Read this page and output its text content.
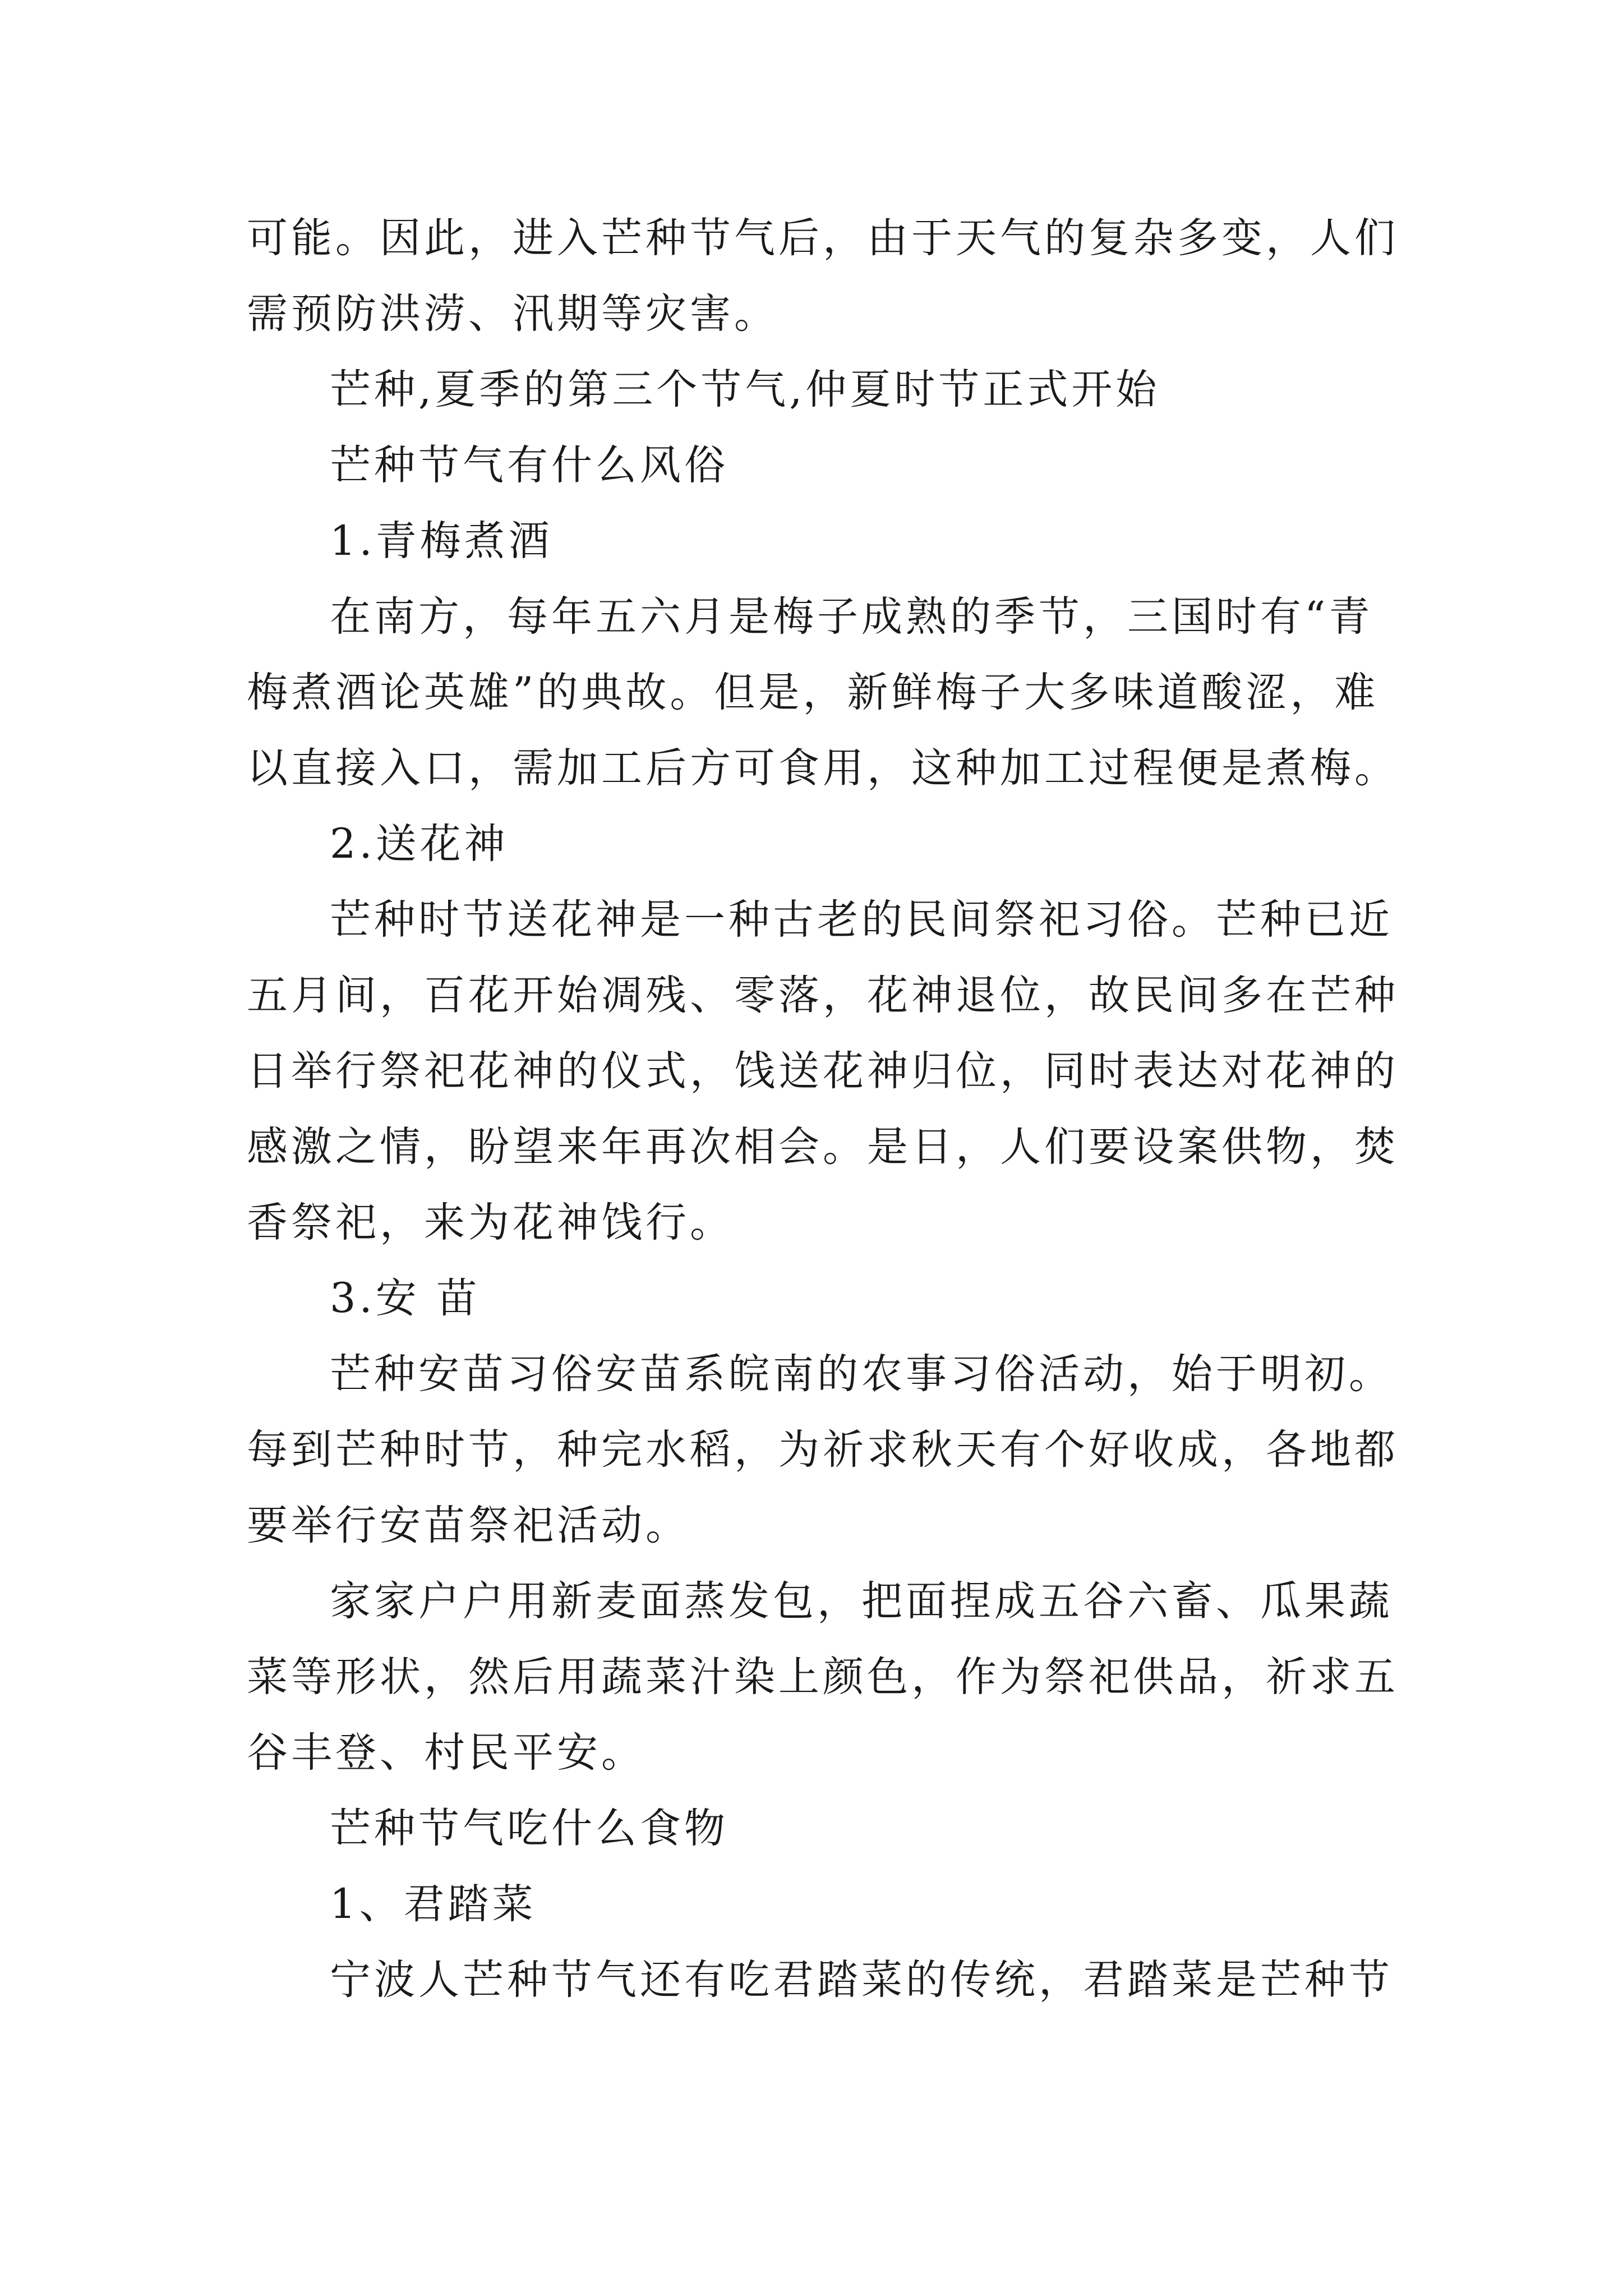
可能。因此，进入芒种节气后，由于天气的复杂多变，人们

需预防洪涝、汛期等灾害。

芒种,夏季的第三个节气,仲夏时节正式开始

芒种节气有什么风俗

1.青梅煮酒

在南方，每年五六月是梅子成熟的季节，三国时有“青

梅煮酒论英雄”的典故。但是，新鲜梅子大多味道酸涩，难

以直接入口，需加工后方可食用，这种加工过程便是煮梅。

2.送花神

芒种时节送花神是一种古老的民间祭祀习俗。芒种已近

五月间，百花开始凋残、零落，花神退位，故民间多在芒种

日举行祭祀花神的仪式，饯送花神归位，同时表达对花神的

感激之情，盼望来年再次相会。是日，人们要设案供物，焚

香祭祀，来为花神饯行。

3.安 苗

芒种安苗习俗安苗系皖南的农事习俗活动，始于明初。

每到芒种时节，种完水稻，为祈求秋天有个好收成，各地都

要举行安苗祭祀活动。

家家户户用新麦面蒸发包，把面捏成五谷六畜、瓜果蔬

菜等形状，然后用蔬菜汁染上颜色，作为祭祀供品，祈求五

谷丰登、村民平安。

芒种节气吃什么食物

1、君踏菜

宁波人芒种节气还有吃君踏菜的传统，君踏菜是芒种节
